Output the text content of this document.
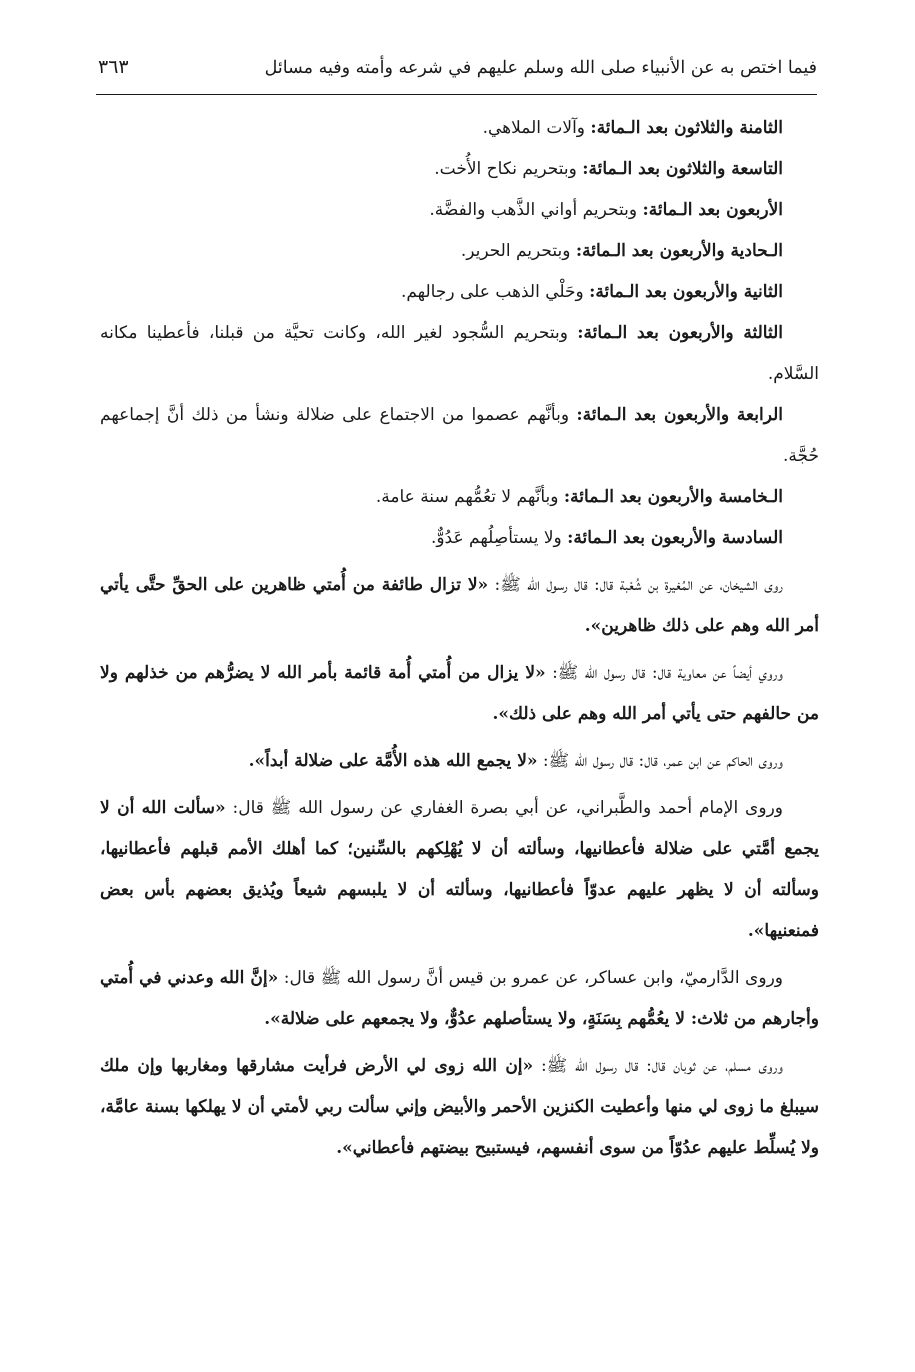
فيما اختص به عن الأنبياء صلى الله وسلم عليهم في شرعه وأمته وفيه مسائل
٣٦٣

الثامنة والثلاثون بعد الـمائة: وآلات الملاهي.

التاسعة والثلاثون بعد الـمائة: وبتحريم نكاح الأُخت.

الأربعون بعد الـمائة: وبتحريم أواني الذَّهب والفضَّة.

الـحادية والأربعون بعد الـمائة: وبتحريم الحرير.

الثانية والأربعون بعد الـمائة: وحَلْي الذهب على رجالهم.

الثالثة والأربعون بعد الـمائة: وبتحريم السُّجود لغير الله، وكانت تحيَّة من قبلنا، فأعطينا مكانه السَّلام.

الرابعة والأربعون بعد الـمائة: وبأنَّهم عصموا من الاجتماع على ضلالة ونشأ من ذلك أنَّ إجماعهم حُجَّة.

الـخامسة والأربعون بعد الـمائة: وبأنَّهم لا تعُمُّهم سنة عامة.

السادسة والأربعون بعد الـمائة: ولا يستأصِلُهم عَدُوٌّ.

روى الشيخان، عن المُغيرة بن شُعْبة قال: قال رسول الله ﷺ: «لا تزال طائفة من أُمتي ظاهرين على الحقِّ حتَّى يأتي أمر الله وهم على ذلك ظاهرين».

وروي أيضاً عن معاوية قال: قال رسول الله ﷺ: «لا يزال من أُمتي أُمة قائمة بأمر الله لا يضرُّهم من خذلهم ولا من حالفهم حتى يأتي أمر الله وهم على ذلك».

وروى الحاكم عن ابن عمر، قال: قال رسول الله ﷺ: «لا يجمع الله هذه الأُمَّة على ضلالة أبداً».

وروى الإمام أحمد والطَّبراني، عن أبي بصرة الغفاري عن رسول الله ﷺ قال: «سألت الله أن لا يجمع أمَّتي على ضلالة فأعطانيها، وسألته أن لا يُهْلِكهم بالسِّنين؛ كما أهلك الأمم قبلهم فأعطانيها، وسألته أن لا يظهر عليهم عدوّاً فأعطانيها، وسألته أن لا يلبسهم شيعاً ويُذيق بعضهم بأس بعض فمنعنيها».

وروى الدَّارميّ، وابن عساكر، عن عمرو بن قيس أنَّ رسول الله ﷺ قال: «إنَّ الله وعدني في أُمتي وأجارهم من ثلاث: لا يعُمُّهم بِسَنَةٍ، ولا يستأصلهم عدُوٌّ، ولا يجمعهم على ضلالة».

وروى مسلم، عن ثوبان قال: قال رسول الله ﷺ: «إن الله زوى لي الأرض فرأيت مشارقها ومغاربها وإن ملك سيبلغ ما زوى لي منها وأعطيت الكنزين الأحمر والأبيض وإني سألت ربي لأمتي أن لا يهلكها بسنة عامَّة، ولا يُسلِّط عليهم عدُوّاً من سوى أنفسهم، فيستبيح بيضتهم فأعطاني».
